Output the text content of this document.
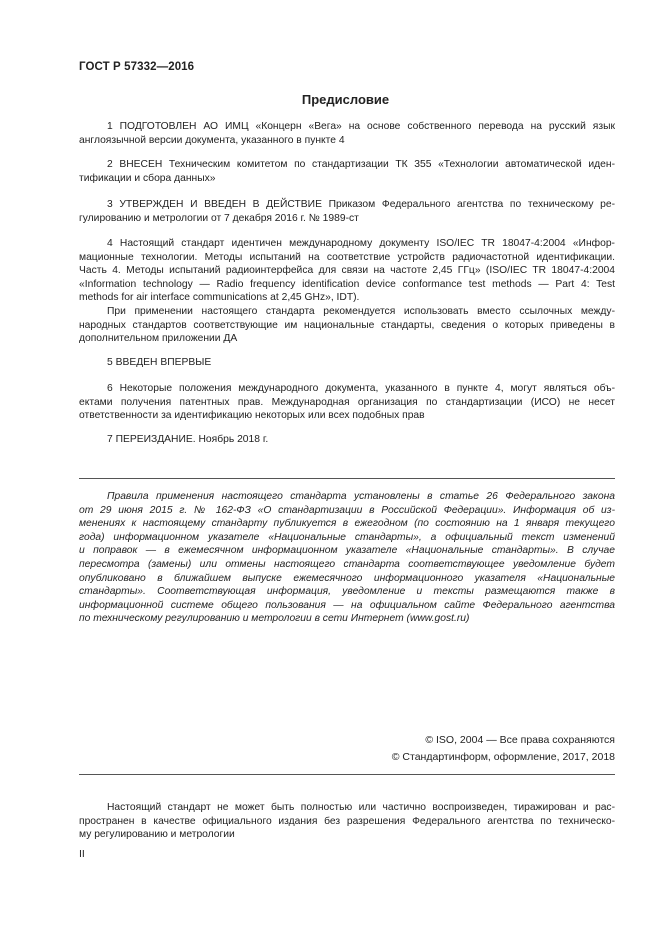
ГОСТ Р 57332—2016
Предисловие
1 ПОДГОТОВЛЕН АО ИМЦ «Концерн «Вега» на основе собственного перевода на русский язык
англоязычной версии документа, указанного в пункте 4
2 ВНЕСЕН Техническим комитетом по стандартизации ТК 355 «Технологии автоматической иден-
тификации и сбора данных»
3 УТВЕРЖДЕН И ВВЕДЕН В ДЕЙСТВИЕ Приказом Федерального агентства по техническому ре-
гулированию и метрологии от 7 декабря 2016 г. № 1989-ст
4 Настоящий стандарт идентичен международному документу ISO/IEC TR 18047-4:2004 «Инфор-
мационные технологии. Методы испытаний на соответствие устройств радиочастотной идентификации.
Часть 4. Методы испытаний радиоинтерфейса для связи на частоте 2,45 ГГц» (ISO/IEC TR 18047-4:2004
«Information technology — Radio frequency identification device conformance test methods — Part 4: Test
methods for air interface communications at 2,45 GHz», IDT).
При применении настоящего стандарта рекомендуется использовать вместо ссылочных между-
народных стандартов соответствующие им национальные стандарты, сведения о которых приведены в
дополнительном приложении ДА
5 ВВЕДЕН ВПЕРВЫЕ
6 Некоторые положения международного документа, указанного в пункте 4, могут являться объ-
ектами получения патентных прав. Международная организация по стандартизации (ИСО) не несет
ответственности за идентификацию некоторых или всех подобных прав
7 ПЕРЕИЗДАНИЕ. Ноябрь 2018 г.
Правила применения настоящего стандарта установлены в статье 26 Федерального закона
от 29 июня 2015 г. № 162-ФЗ «О стандартизации в Российской Федерации». Информация об из-
менениях к настоящему стандарту публикуется в ежегодном (по состоянию на 1 января текущего
года) информационном указателе «Национальные стандарты», а официальный текст изменений
и поправок — в ежемесячном информационном указателе «Национальные стандарты». В случае
пересмотра (замены) или отмены настоящего стандарта соответствующее уведомление будет
опубликовано в ближайшем выпуске ежемесячного информационного указателя «Национальные
стандарты». Соответствующая информация, уведомление и тексты размещаются также в
информационной системе общего пользования — на официальном сайте Федерального агентства
по техническому регулированию и метрологии в сети Интернет (www.gost.ru)
© ISO, 2004 — Все права сохраняются
© Стандартинформ, оформление, 2017, 2018
Настоящий стандарт не может быть полностью или частично воспроизведен, тиражирован и рас-
пространен в качестве официального издания без разрешения Федерального агентства по техническо-
му регулированию и метрологии
II
